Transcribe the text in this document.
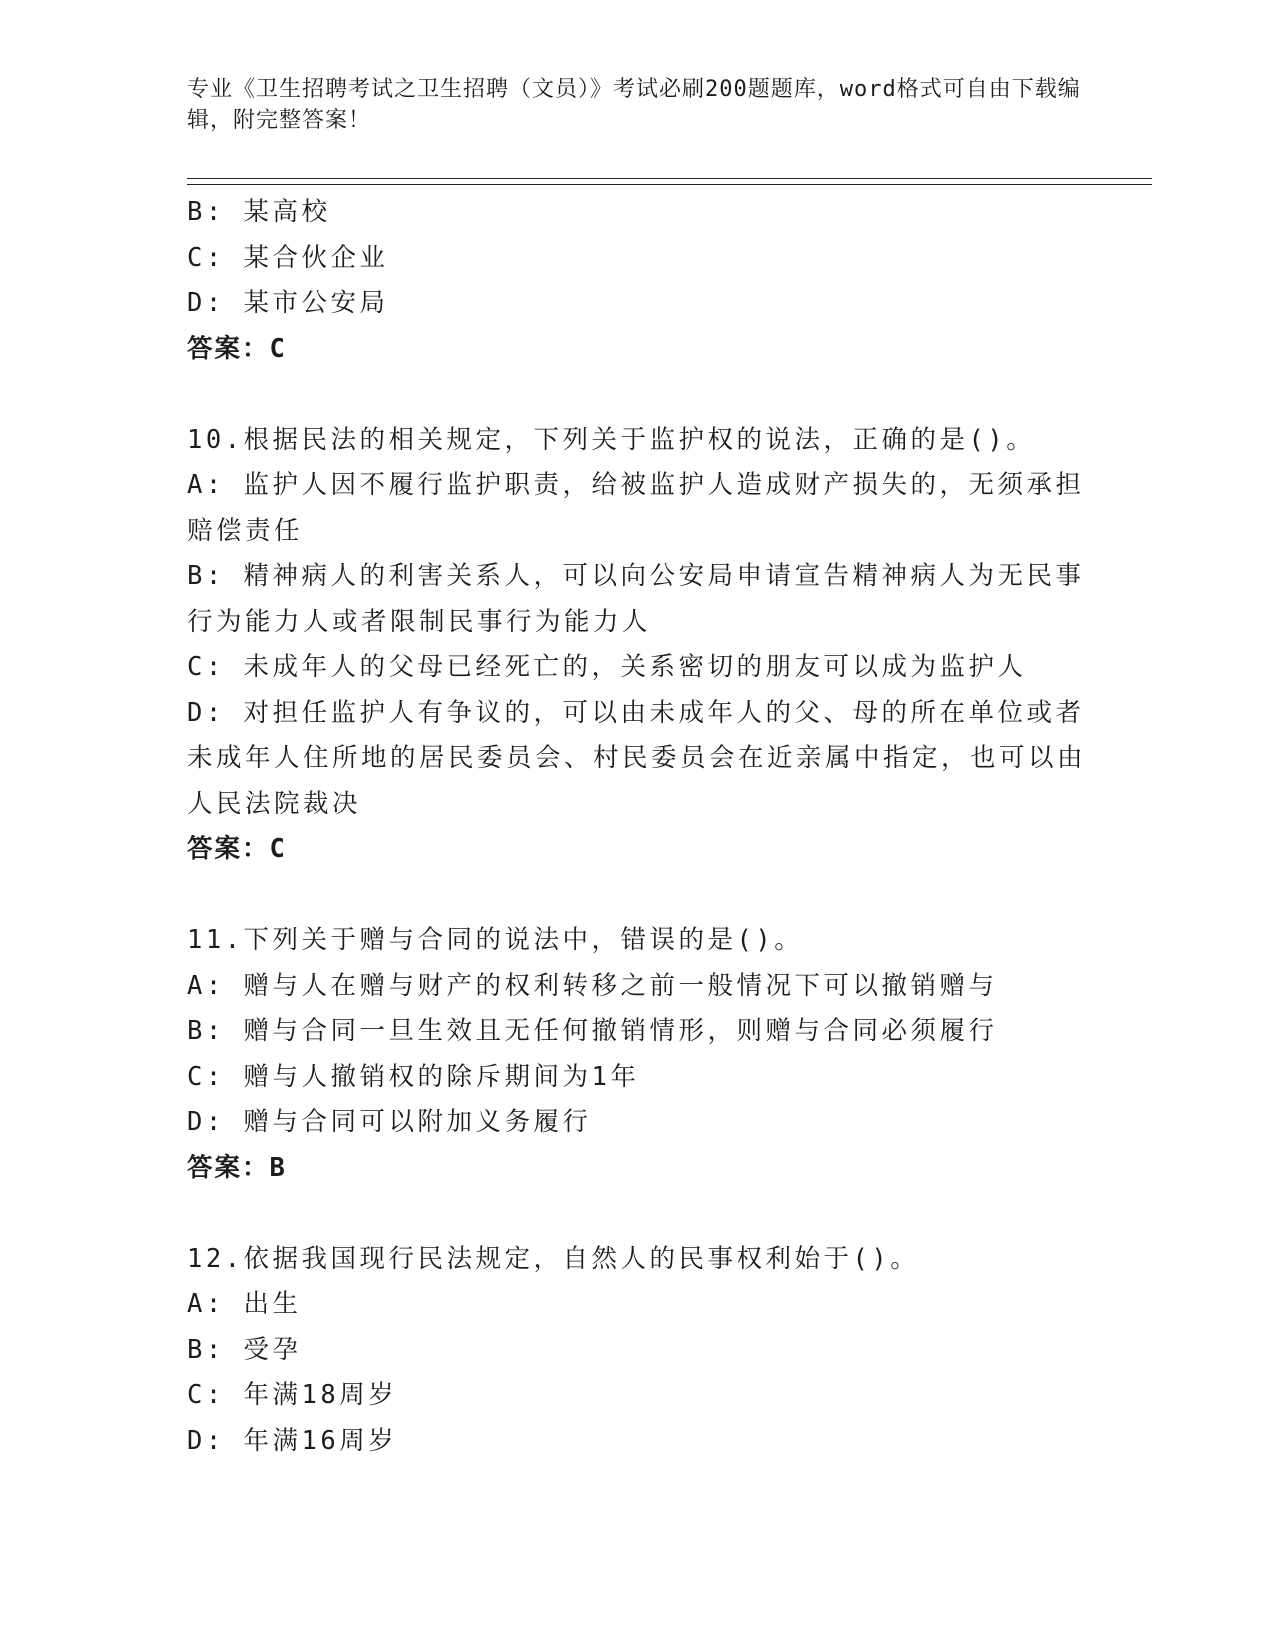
专业《卫生招聘考试之卫生招聘（文员）》考试必刷200题题库，word格式可自由下载编辑，附完整答案！
B: 某高校
C: 某合伙企业
D: 某市公安局
答案：C
10.根据民法的相关规定，下列关于监护权的说法，正确的是()。
A: 监护人因不履行监护职责，给被监护人造成财产损失的，无须承担赔偿责任
B: 精神病人的利害关系人，可以向公安局申请宣告精神病人为无民事行为能力人或者限制民事行为能力人
C: 未成年人的父母已经死亡的，关系密切的朋友可以成为监护人
D: 对担任监护人有争议的，可以由未成年人的父、母的所在单位或者未成年人住所地的居民委员会、村民委员会在近亲属中指定，也可以由人民法院裁决
答案：C
11.下列关于赠与合同的说法中，错误的是()。
A: 赠与人在赠与财产的权利转移之前一般情况下可以撤销赠与
B: 赠与合同一旦生效且无任何撤销情形，则赠与合同必须履行
C: 赠与人撤销权的除斥期间为1年
D: 赠与合同可以附加义务履行
答案：B
12.依据我国现行民法规定，自然人的民事权利始于()。
A: 出生
B: 受孕
C: 年满18周岁
D: 年满16周岁
